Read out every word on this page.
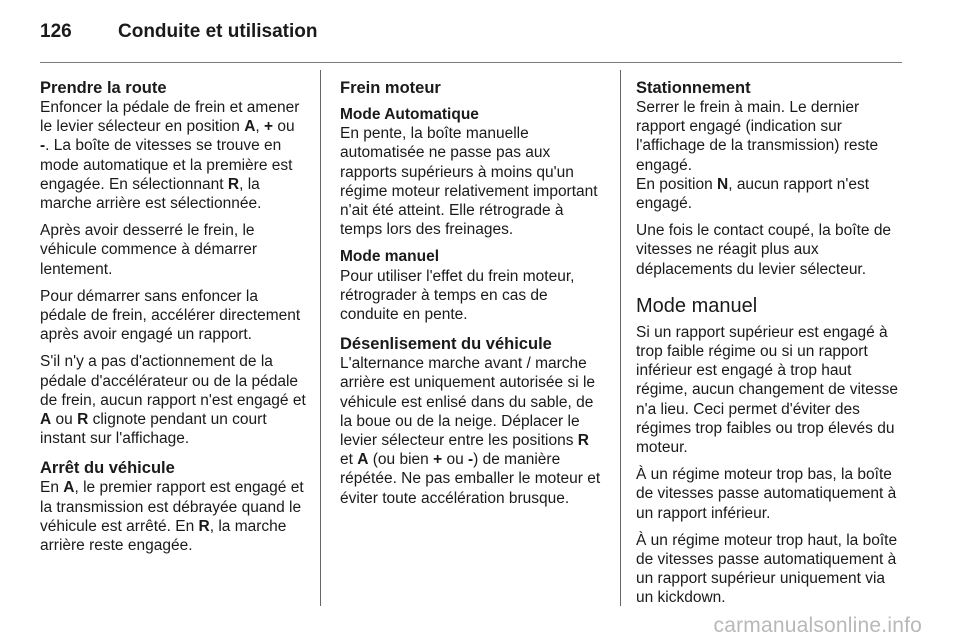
126 Conduite et utilisation
Prendre la route

Enfoncer la pédale de frein et amener le levier sélecteur en position A, + ou -. La boîte de vitesses se trouve en mode automatique et la première est engagée. En sélectionnant R, la marche arrière est sélectionnée.

Après avoir desserré le frein, le véhicule commence à démarrer lentement.

Pour démarrer sans enfoncer la pédale de frein, accélérer directement après avoir engagé un rapport.

S'il n'y a pas d'actionnement de la pédale d'accélérateur ou de la pédale de frein, aucun rapport n'est engagé et A ou R clignote pendant un court instant sur l'affichage.

Arrêt du véhicule

En A, le premier rapport est engagé et la transmission est débrayée quand le véhicule est arrêté. En R, la marche arrière reste engagée.

Frein moteur
Mode Automatique

En pente, la boîte manuelle automatisée ne passe pas aux rapports supérieurs à moins qu'un régime moteur relativement important n'ait été atteint. Elle rétrograde à temps lors des freinages.

Mode manuel

Pour utiliser l'effet du frein moteur, rétrograder à temps en cas de conduite en pente.

Désenlisement du véhicule

L'alternance marche avant / marche arrière est uniquement autorisée si le véhicule est enlisé dans du sable, de la boue ou de la neige. Déplacer le levier sélecteur entre les positions R et A (ou bien + ou -) de manière répétée. Ne pas emballer le moteur et éviter toute accélération brusque.

Stationnement

Serrer le frein à main. Le dernier rapport engagé (indication sur l'affichage de la transmission) reste engagé.

En position N, aucun rapport n'est engagé.

Une fois le contact coupé, la boîte de vitesses ne réagit plus aux déplacements du levier sélecteur.

Mode manuel

Si un rapport supérieur est engagé à trop faible régime ou si un rapport inférieur est engagé à trop haut régime, aucun changement de vitesse n'a lieu. Ceci permet d'éviter des régimes trop faibles ou trop élevés du moteur.

À un régime moteur trop bas, la boîte de vitesses passe automatiquement à un rapport inférieur.

À un régime moteur trop haut, la boîte de vitesses passe automatiquement à un rapport supérieur uniquement via un kickdown.

carmanualsonline.info
